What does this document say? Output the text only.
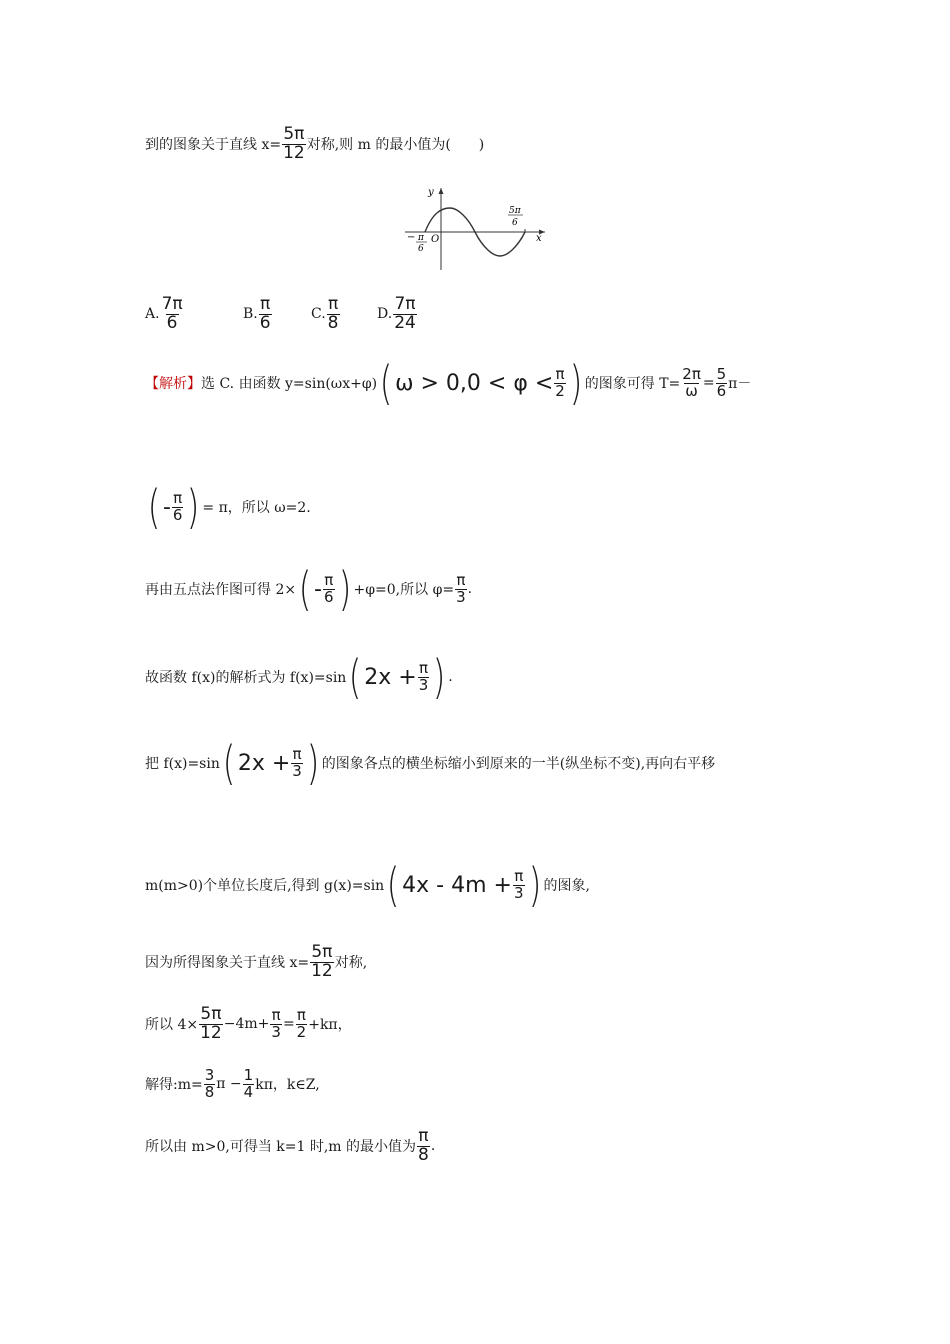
到的图象关于直线 $x= \frac{5\pi}{12}$ 对称,则 m 的最小值为(　　)
y
x
O
− π
6
5π
6
A. $\frac{7\pi}{6}$	B. $\frac{\pi}{6}$	C. $\frac{\pi}{8}$	D. $\frac{7\pi}{24}$
【解析】 选 C. 由函数 y=sin(ωx+φ) ( $\omega > 0,0 < \varphi < \frac{\pi}{2}$ ) 的图象可得 $T= \frac{2\pi}{\omega} = \frac{5}{6} \pi-$
( - $\frac{\pi}{6}$ ) = π，所以 ω=2.
再由五点法作图可得 2× ( - $\frac{\pi}{6}$ ) +φ=0,所以 $\varphi= \frac{\pi}{3}$ .
故函数 f(x)的解析式为 f(x)=sin ( $2x + \frac{\pi}{3}$ ) .
把 f(x)=sin ( $2x + \frac{\pi}{3}$ ) 的图象各点的横坐标缩小到原来的一半(纵坐标不变),再向右平移
m(m>0)个单位长度后,得到 g(x)=sin ( $4x - 4m + \frac{\pi}{3}$ ) 的图象,
因为所得图象关于直线 $x= \frac{5\pi}{12}$ 对称,
所以 $4\times \frac{5\pi}{12} -4m+ \frac{\pi}{3} = \frac{\pi}{2} +k\pi$，
解得:m= $\frac{3}{8}$ $\pi - \frac{1}{4}$ kπ，k∈Z,
所以由 m>0,可得当 k=1 时,m 的最小值为 $\frac{\pi}{8}$ .
